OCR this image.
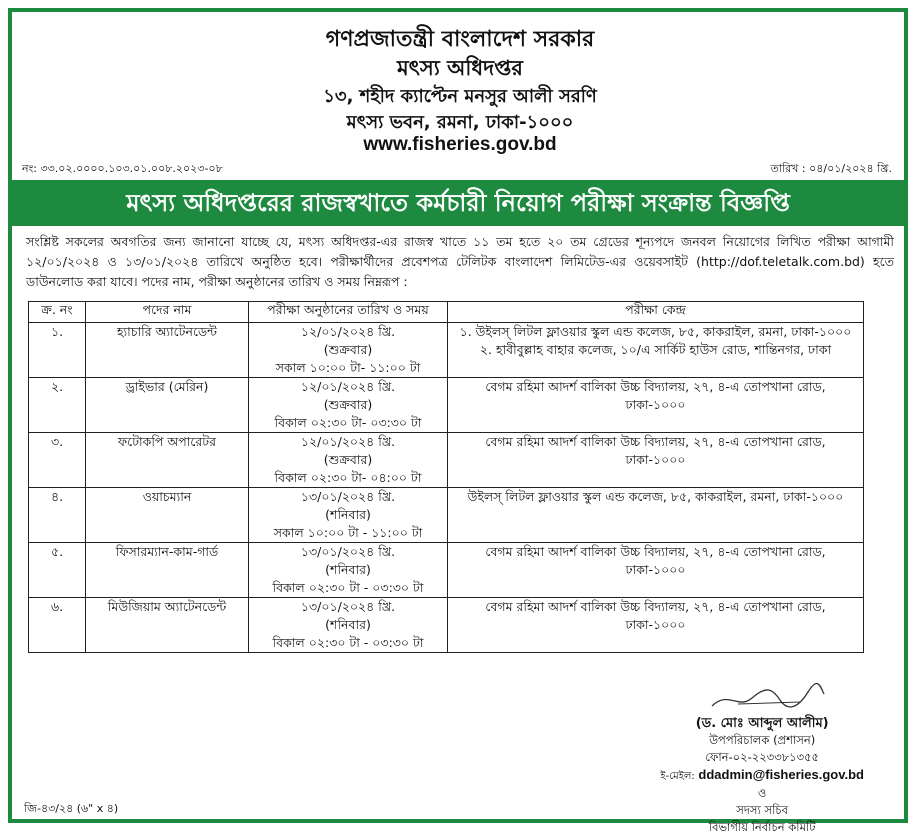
গণপ্রজাতন্ত্রী বাংলাদেশ সরকার
মৎস্য অধিদপ্তর
১৩, শহীদ ক্যাপ্টেন মনসুর আলী সরণি
মৎস্য ভবন, রমনা, ঢাকা-১০০০
www.fisheries.gov.bd
নং: ৩৩.০২.০০০০.১০৩.০১.০০৮.২০২৩-০৮	তারিখ : ০৪/০১/২০২৪ খ্রি.
মৎস্য অধিদপ্তরের রাজস্বখাতে কর্মচারী নিয়োগ পরীক্ষা সংক্রান্ত বিজ্ঞপ্তি
সংশ্লিষ্ট সকলের অবগতির জন্য জানানো যাচ্ছে যে, মৎস্য অধিদপ্তর-এর রাজস্ব খাতে ১১ তম হতে ২০ তম গ্রেডের শূন্যপদে জনবল নিয়োগের লিখিত পরীক্ষা আগামী ১২/০১/২০২৪ ও ১৩/০১/২০২৪ তারিখে অনুষ্ঠিত হবে। পরীক্ষার্থীদের প্রবেশপত্র টেলিটক বাংলাদেশ লিমিটেড-এর ওয়েবসাইট (http://dof.teletalk.com.bd) হতে ডাউনলোড করা যাবে। পদের নাম, পরীক্ষা অনুষ্ঠানের তারিখ ও সময় নিম্নরূপ :
ক্র. নং	পদের নাম	পরীক্ষা অনুষ্ঠানের তারিখ ও সময়	পরীক্ষা কেন্দ্র
১.	হ্যাচারি অ্যাটেনডেন্ট	১২/০১/২০২৪ খ্রি.
(শুক্রবার)
সকাল ১০:০০ টা- ১১:০০ টা	১. উইলস্ লিটল ফ্লাওয়ার স্কুল এন্ড কলেজ, ৮৫, কাকরাইল, রমনা, ঢাকা-১০০০
২. হাবীবুল্লাহ বাহার কলেজ, ১০/এ সার্কিট হাউস রোড, শান্তিনগর, ঢাকা

২.	ড্রাইভার (মেরিন)	১২/০১/২০২৪ খ্রি.
(শুক্রবার)
বিকাল ০২:৩০ টা- ০৩:৩০ টা	বেগম রহিমা আদর্শ বালিকা উচ্চ বিদ্যালয়, ২৭, ৪-এ তোপখানা রোড, ঢাকা-১০০০
৩.	ফটোকপি অপারেটর	১২/০১/২০২৪ খ্রি.
(শুক্রবার)
বিকাল ০২:৩০ টা- ০৪:০০ টা	বেগম রহিমা আদর্শ বালিকা উচ্চ বিদ্যালয়, ২৭, ৪-এ তোপখানা রোড, ঢাকা-১০০০
৪.	ওয়াচম্যান	১৩/০১/২০২৪ খ্রি.
(শনিবার)
সকাল ১০:০০ টা - ১১:০০ টা	উইলস্ লিটল ফ্লাওয়ার স্কুল এন্ড কলেজ, ৮৫, কাকরাইল, রমনা, ঢাকা-১০০০
৫.	ফিসারম্যান-কাম-গার্ড	১৩/০১/২০২৪ খ্রি.
(শনিবার)
বিকাল ০২:৩০ টা - ০৩:৩০ টা	বেগম রহিমা আদর্শ বালিকা উচ্চ বিদ্যালয়, ২৭, ৪-এ তোপখানা রোড, ঢাকা-১০০০
৬.	মিউজিয়াম অ্যাটেনডেন্ট	১৩/০১/২০২৪ খ্রি.
(শনিবার)
বিকাল ০২:৩০ টা - ০৩:৩০ টা	বেগম রহিমা আদর্শ বালিকা উচ্চ বিদ্যালয়, ২৭, ৪-এ তোপখানা রোড, ঢাকা-১০০০
(ড. মোঃ আব্দুল আলীম)
উপপরিচালক (প্রশাসন)
ফোন-০২-২২৩৩৮১৩৫৫
ই-মেইল: ddadmin@fisheries.gov.bd
ও
সদস্য সচিব
বিভাগীয় নির্বাচন কমিটি
জি-৪৩/২৪ (৬" x ৪)
